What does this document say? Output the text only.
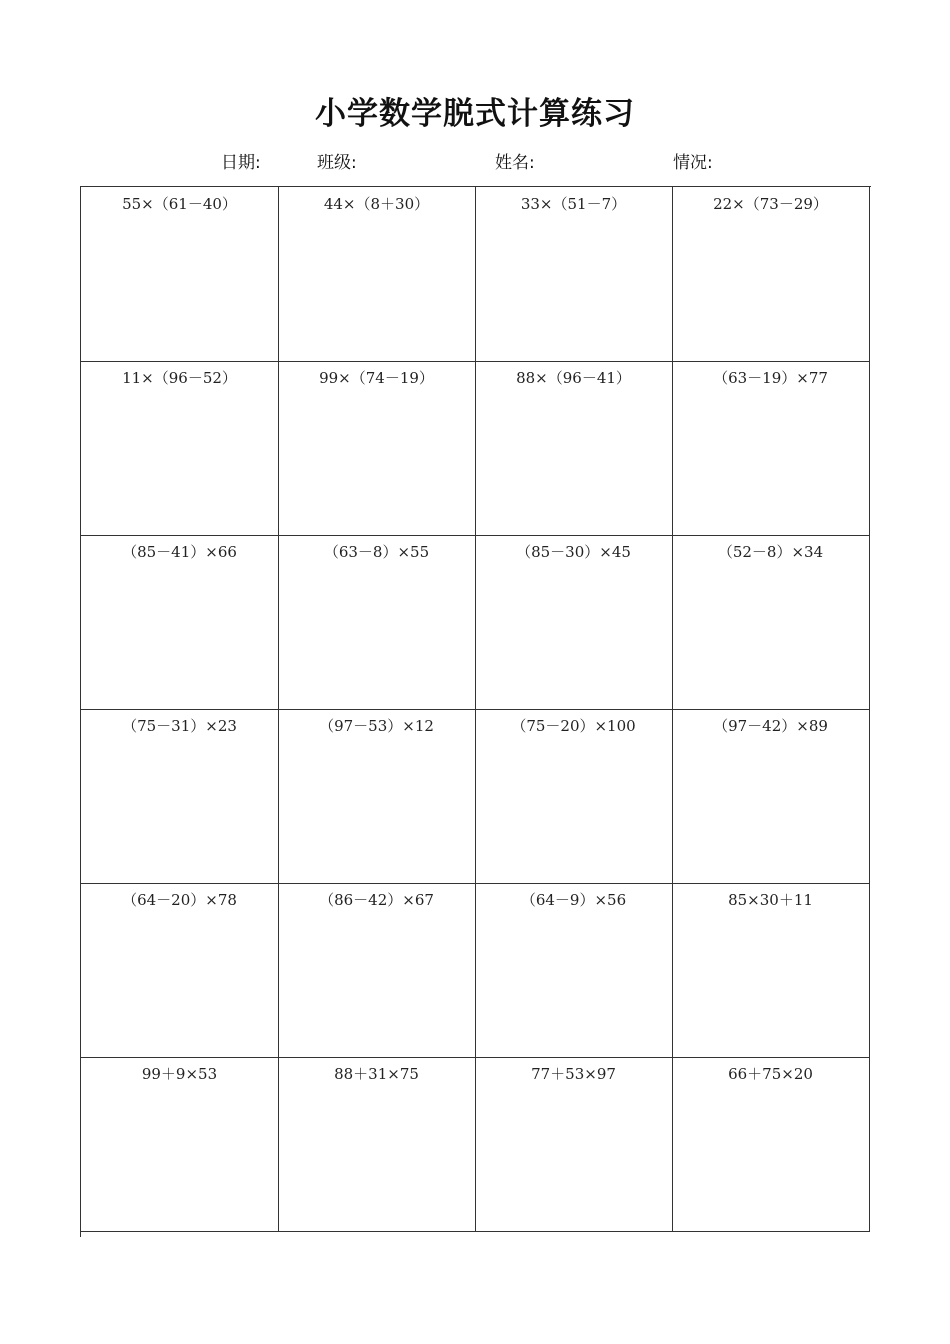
小学数学脱式计算练习
日期:	班级:	姓名:	情况:
55×（61－40）	44×（8＋30）	33×（51－7）	22×（73－29）
11×（96－52）	99×（74－19）	88×（96－41）	（63－19）×77
（85－41）×66	（63－8）×55	（85－30）×45	（52－8）×34
（75－31）×23	（97－53）×12	（75－20）×100	（97－42）×89
（64－20）×78	（86－42）×67	（64－9）×56	85×30＋11
99＋9×53	88＋31×75	77＋53×97	66＋75×20
